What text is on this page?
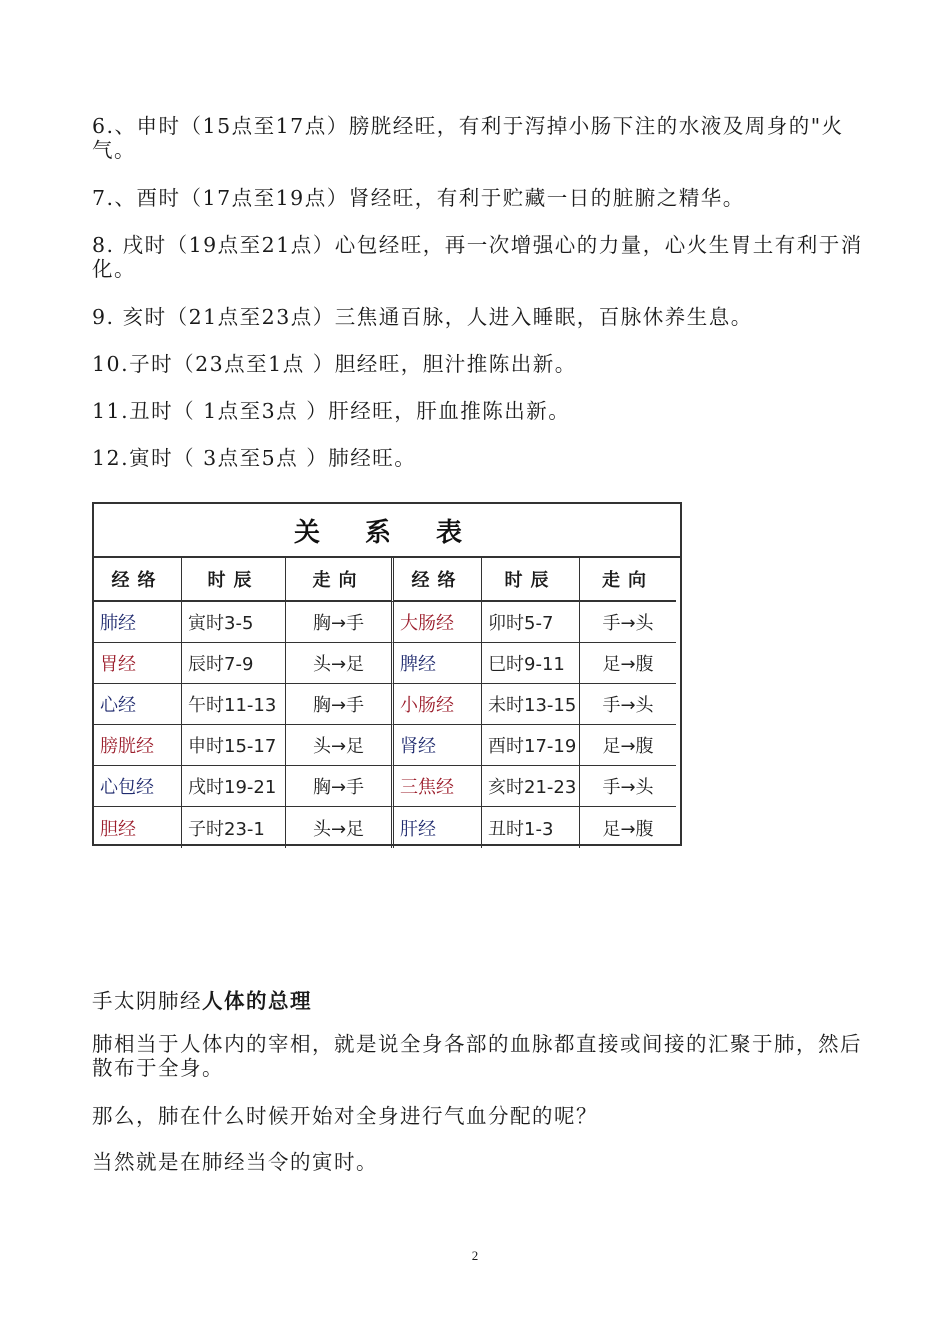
6.、申时（15点至17点）膀胱经旺，有利于泻掉小肠下注的水液及周身的"火气。

7.、酉时（17点至19点）肾经旺，有利于贮藏一日的脏腑之精华。

8. 戌时（19点至21点）心包经旺，再一次增强心的力量，心火生胃土有利于消化。

9. 亥时（21点至23点）三焦通百脉，人进入睡眠，百脉休养生息。

10.子时（23点至1点 ）胆经旺，胆汁推陈出新。

11.丑时（ 1点至3点 ）肝经旺，肝血推陈出新。

12.寅时（ 3点至5点 ）肺经旺。

关 系 表
经络	时辰	走向	经络	时辰	走向
肺经	寅时3-5	胸→手	大肠经	卯时5-7	手→头
胃经	辰时7-9	头→足	脾经	巳时9-11	足→腹
心经	午时11-13	胸→手	小肠经	未时13-15	手→头
膀胱经	申时15-17	头→足	肾经	酉时17-19	足→腹
心包经	戌时19-21	胸→手	三焦经	亥时21-23	手→头
胆经	子时23-1	头→足	肝经	丑时1-3	足→腹

手太阴肺经人体的总理

肺相当于人体内的宰相，就是说全身各部的血脉都直接或间接的汇聚于肺，然后散布于全身。

那么，肺在什么时候开始对全身进行气血分配的呢？

当然就是在肺经当令的寅时。

2
